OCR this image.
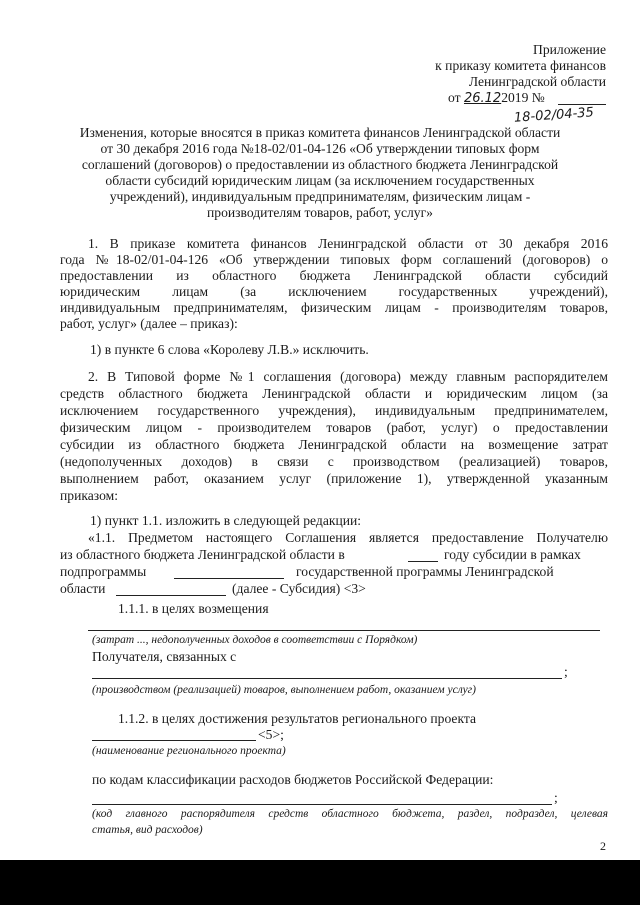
Приложение
к приказу комитета финансов
Ленинградской области
от 26.122019 №
18-02/04-35
Изменения, которые вносятся в приказ комитета финансов Ленинградской области
от 30 декабря 2016 года №18-02/01-04-126 «Об утверждении типовых форм
соглашений (договоров) о предоставлении из областного бюджета Ленинградской
области субсидий юридическим лицам (за исключением государственных
учреждений), индивидуальным предпринимателям, физическим лицам -
производителям товаров, работ, услуг»
1. В приказе комитета финансов Ленинградской области от 30 декабря 2016
года №18-02/01-04-126 «Об утверждении типовых форм соглашений (договоров) о
предоставлении из областного бюджета Ленинградской области субсидий
юридическим лицам (за исключением государственных учреждений),
индивидуальным предпринимателям, физическим лицам - производителям товаров,
работ, услуг» (далее – приказ):
1) в пункте 6 слова «Королеву Л.В.» исключить.
2. В Типовой форме №1 соглашения (договора) между главным распорядителем
средств областного бюджета Ленинградской области и юридическим лицом (за
исключением государственного учреждения), индивидуальным предпринимателем,
физическим лицом - производителем товаров (работ, услуг) о предоставлении
субсидии из областного бюджета Ленинградской области на возмещение затрат
(недополученных доходов) в связи с производством (реализацией) товаров,
выполнением работ, оказанием услуг (приложение 1), утвержденной указанным
приказом:
1) пункт 1.1. изложить в следующей редакции:
«1.1. Предметом настоящего Соглашения является предоставление Получателю
из областного бюджета Ленинградской области в	году субсидии в рамках
подпрограммы	государственной программы Ленинградской
области	(далее - Субсидия) <3>
1.1.1. в целях возмещения
(затрат ..., недополученных доходов в соответствии с Порядком)
Получателя, связанных с
;
(производством (реализацией) товаров, выполнением работ, оказанием услуг)
1.1.2. в целях достижения результатов регионального проекта
<5>;
(наименование регионального проекта)
по кодам классификации расходов бюджетов Российской Федерации:
;
(код главного распорядителя средств областного бюджета, раздел, подраздел, целевая
статья, вид расходов)
2
